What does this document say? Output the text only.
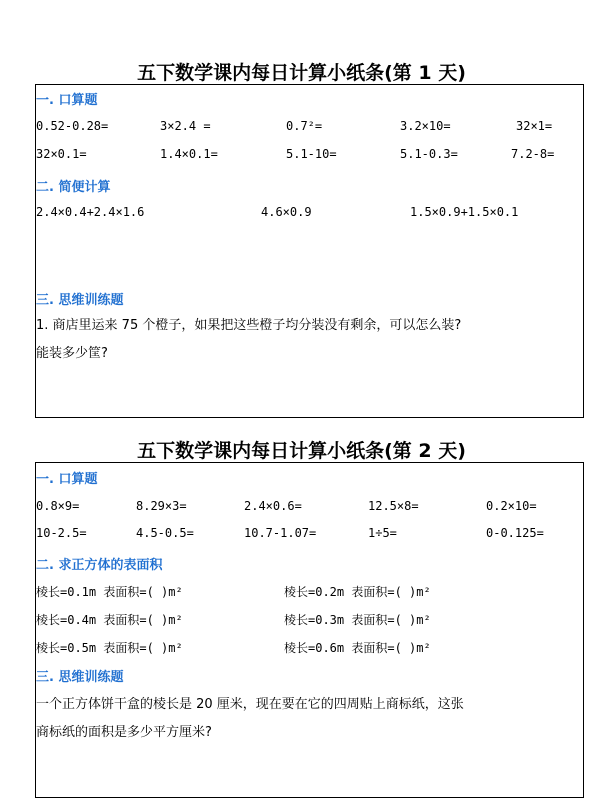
五下数学课内每日计算小纸条(第 1 天)
一. 口算题
0.52-0.28=	3×2.4 =	0.7²=	3.2×10=	32×1=
32×0.1=	1.4×0.1=	5.1-10=	5.1-0.3=	7.2-8=
二. 简便计算
2.4×0.4+2.4×1.6	4.6×0.9	1.5×0.9+1.5×0.1
三. 思维训练题
1. 商店里运来 75 个橙子，如果把这些橙子均分装没有剩余，可以怎么装?
能装多少筐?
五下数学课内每日计算小纸条(第 2 天)
一. 口算题
0.8×9=	8.29×3=	2.4×0.6=	12.5×8=	0.2×10=
10-2.5=	4.5-0.5=	10.7-1.07=	1÷5=	0-0.125=
二. 求正方体的表面积
棱长=0.1m 表面积=( )m²	棱长=0.2m 表面积=( )m²
棱长=0.4m 表面积=( )m²	棱长=0.3m 表面积=( )m²
棱长=0.5m 表面积=( )m²	棱长=0.6m 表面积=( )m²
三. 思维训练题
一个正方体饼干盒的棱长是 20 厘米，现在要在它的四周贴上商标纸，这张
商标纸的面积是多少平方厘米?
